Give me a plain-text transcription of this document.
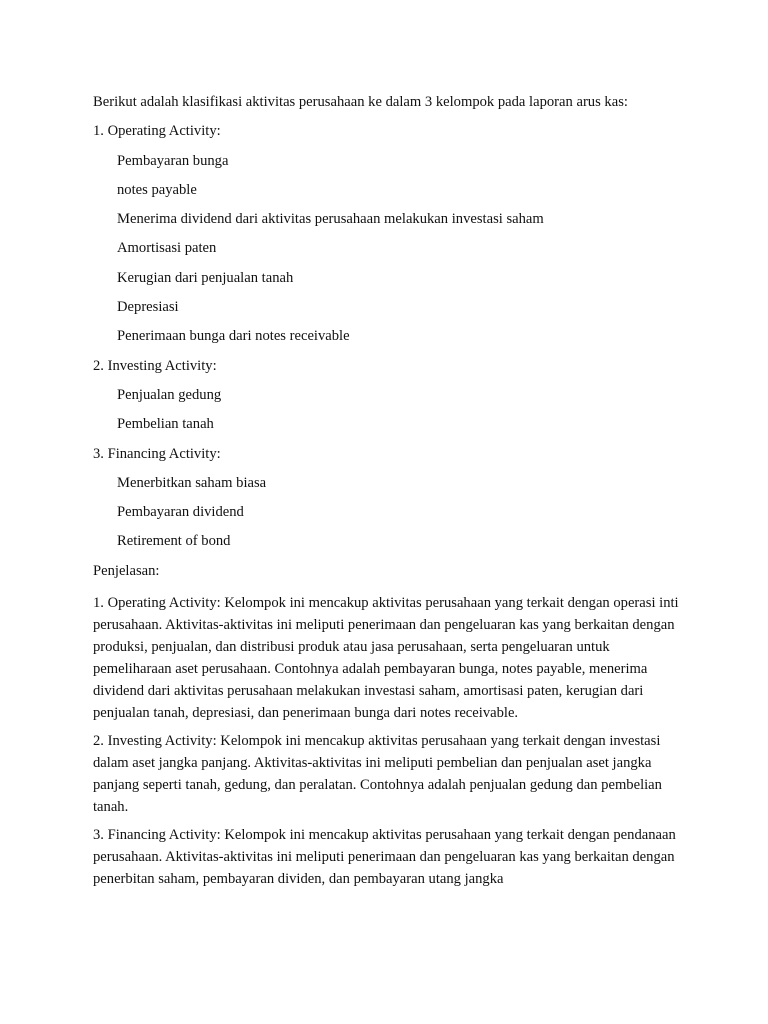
Berikut adalah klasifikasi aktivitas perusahaan ke dalam 3 kelompok pada laporan arus kas:
1. Operating Activity:
Pembayaran bunga
notes payable
Menerima dividend dari aktivitas perusahaan melakukan investasi saham
Amortisasi paten
Kerugian dari penjualan tanah
Depresiasi
Penerimaan bunga dari notes receivable
2. Investing Activity:
Penjualan gedung
Pembelian tanah
3. Financing Activity:
Menerbitkan saham biasa
Pembayaran dividend
Retirement of bond
Penjelasan:
1. Operating Activity: Kelompok ini mencakup aktivitas perusahaan yang terkait dengan operasi inti perusahaan. Aktivitas-aktivitas ini meliputi penerimaan dan pengeluaran kas yang berkaitan dengan produksi, penjualan, dan distribusi produk atau jasa perusahaan, serta pengeluaran untuk pemeliharaan aset perusahaan. Contohnya adalah pembayaran bunga, notes payable, menerima dividend dari aktivitas perusahaan melakukan investasi saham, amortisasi paten, kerugian dari penjualan tanah, depresiasi, dan penerimaan bunga dari notes receivable.
2. Investing Activity: Kelompok ini mencakup aktivitas perusahaan yang terkait dengan investasi dalam aset jangka panjang. Aktivitas-aktivitas ini meliputi pembelian dan penjualan aset jangka panjang seperti tanah, gedung, dan peralatan. Contohnya adalah penjualan gedung dan pembelian tanah.
3. Financing Activity: Kelompok ini mencakup aktivitas perusahaan yang terkait dengan pendanaan perusahaan. Aktivitas-aktivitas ini meliputi penerimaan dan pengeluaran kas yang berkaitan dengan penerbitan saham, pembayaran dividen, dan pembayaran utang jangka
